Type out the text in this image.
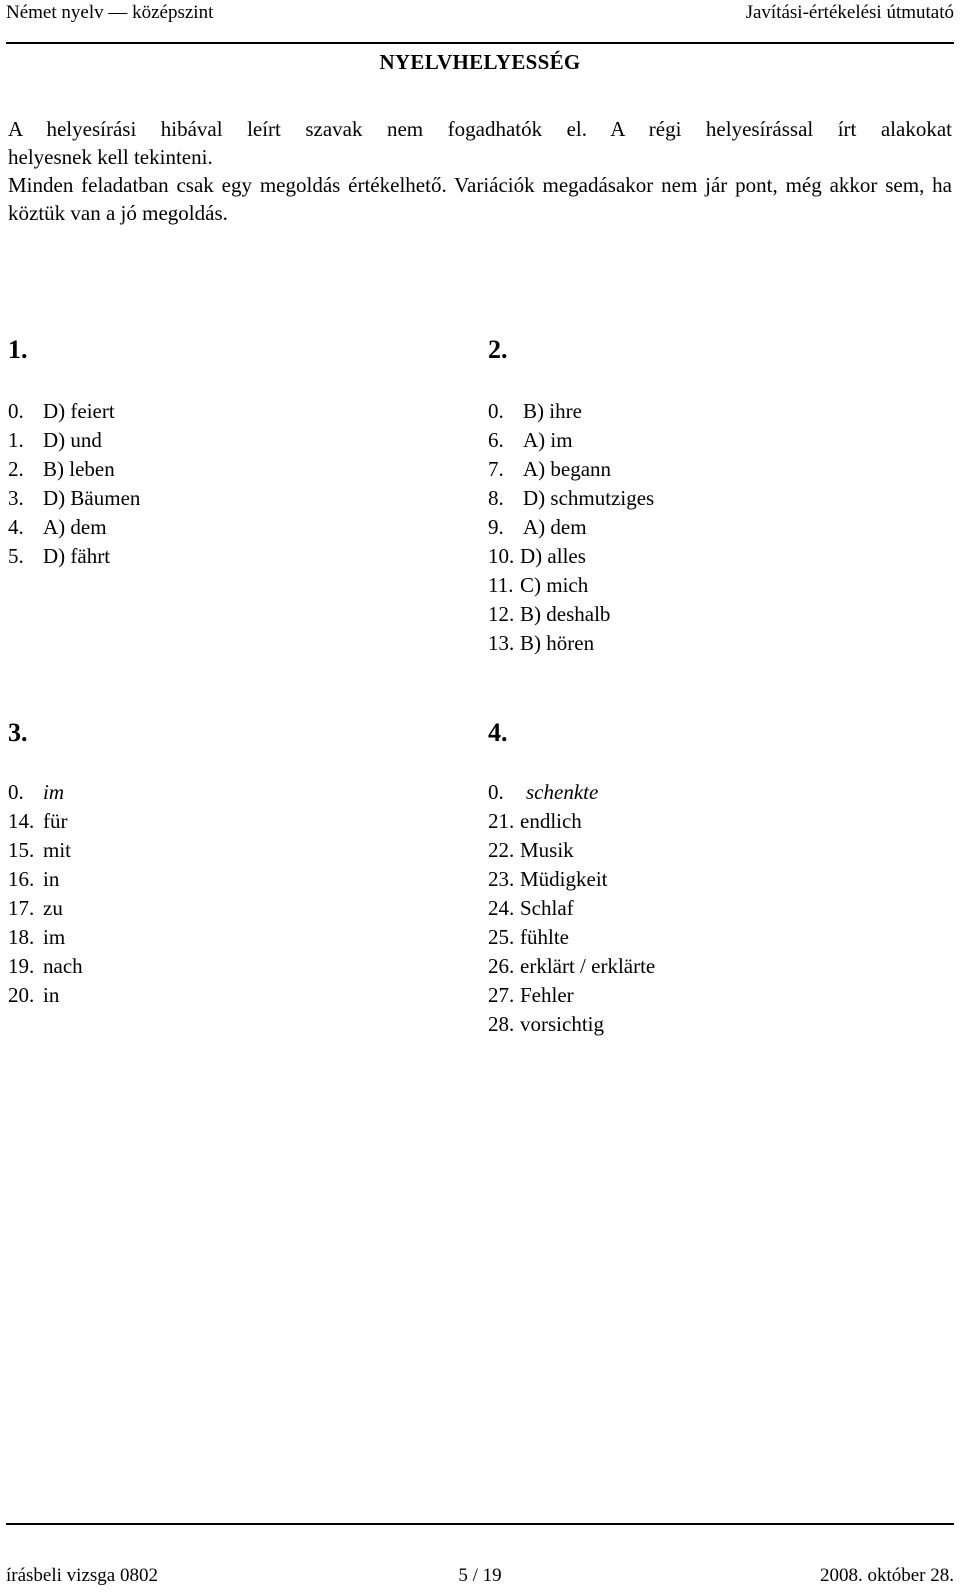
Német nyelv — középszint	Javítási-értékelési útmutató
NYELVHELYESSÉG

A helyesírási hibával leírt szavak nem fogadhatók el. A régi helyesírással írt alakokat

helyesnek kell tekinteni.

Minden feladatban csak egy megoldás értékelhető. Variációk megadásakor nem jár pont, még akkor sem, ha köztük van a jó megoldás.

1.
0. D) feiert
1. D) und
2. B) leben
3. D) Bäumen
4. A) dem
5. D) fährt
2.
0. B) ihre
6. A) im
7. A) begann
8. D) schmutziges
9. A) dem
10. D) alles
11. C) mich
12. B) deshalb
13. B) hören
3.
0. im
14. für
15. mit
16. in
17. zu
18. im
19. nach
20. in
4.
0. schenkte
21. endlich
22. Musik
23. Müdigkeit
24. Schlaf
25. fühlte
26. erklärt / erklärte
27. Fehler
28. vorsichtig
írásbeli vizsga 0802	5 / 19	2008. október 28.
